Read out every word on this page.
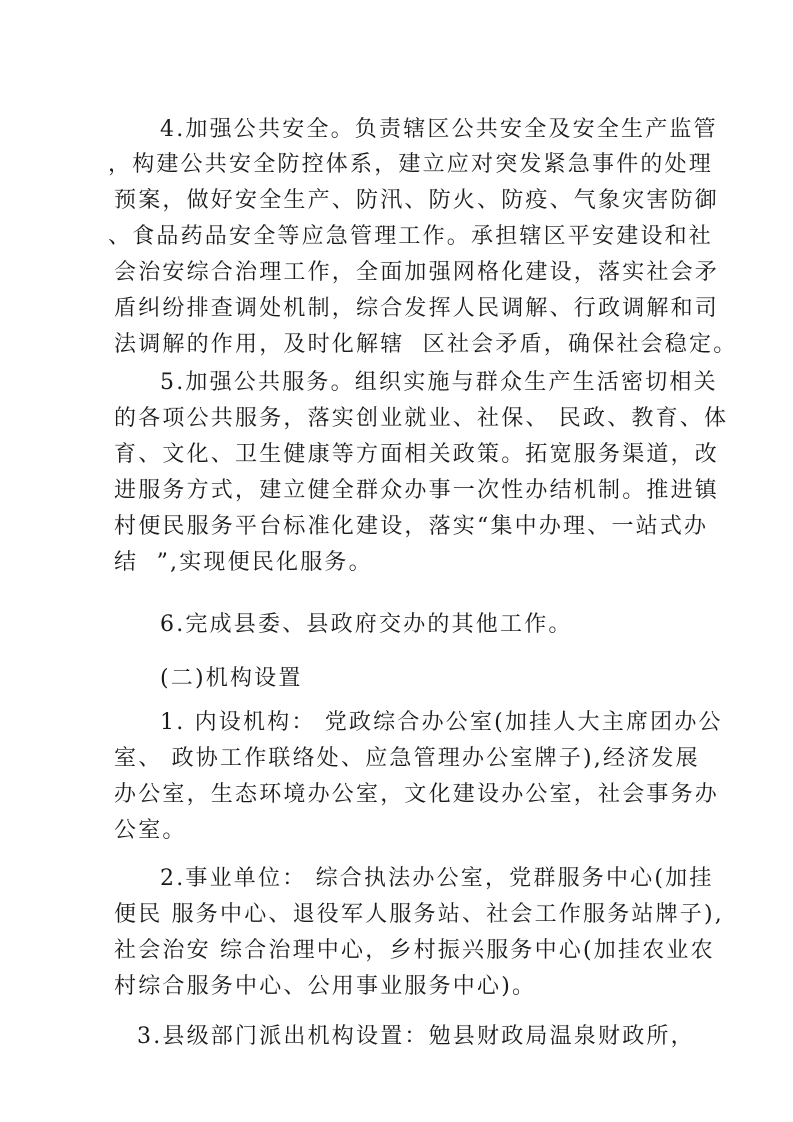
4.加强公共安全。负责辖区公共安全及安全生产监管
，构建公共安全防控体系，建立应对突发紧急事件的处理
预案，做好安全生产、防汛、防火、防疫、气象灾害防御
、食品药品安全等应急管理工作。承担辖区平安建设和社
会治安综合治理工作，全面加强网格化建设，落实社会矛
盾纠纷排查调处机制，综合发挥人民调解、行政调解和司
法调解的作用，及时化解辖  区社会矛盾，确保社会稳定。
5.加强公共服务。组织实施与群众生产生活密切相关
的各项公共服务，落实创业就业、社保、 民政、教育、体
育、文化、卫生健康等方面相关政策。拓宽服务渠道，改
进服务方式，建立健全群众办事一次性办结机制。推进镇
村便民服务平台标准化建设，落实“集中办理、一站式办
结  ”,实现便民化服务。
6.完成县委、县政府交办的其他工作。
(二)机构设置
1. 内设机构： 党政综合办公室(加挂人大主席团办公
室、 政协工作联络处、应急管理办公室牌子),经济发展
办公室，生态环境办公室，文化建设办公室，社会事务办
公室。
2.事业单位： 综合执法办公室，党群服务中心(加挂
便民 服务中心、退役军人服务站、社会工作服务站牌子),
社会治安 综合治理中心，乡村振兴服务中心(加挂农业农
村综合服务中心、公用事业服务中心)。
3.县级部门派出机构设置：勉县财政局温泉财政所，
